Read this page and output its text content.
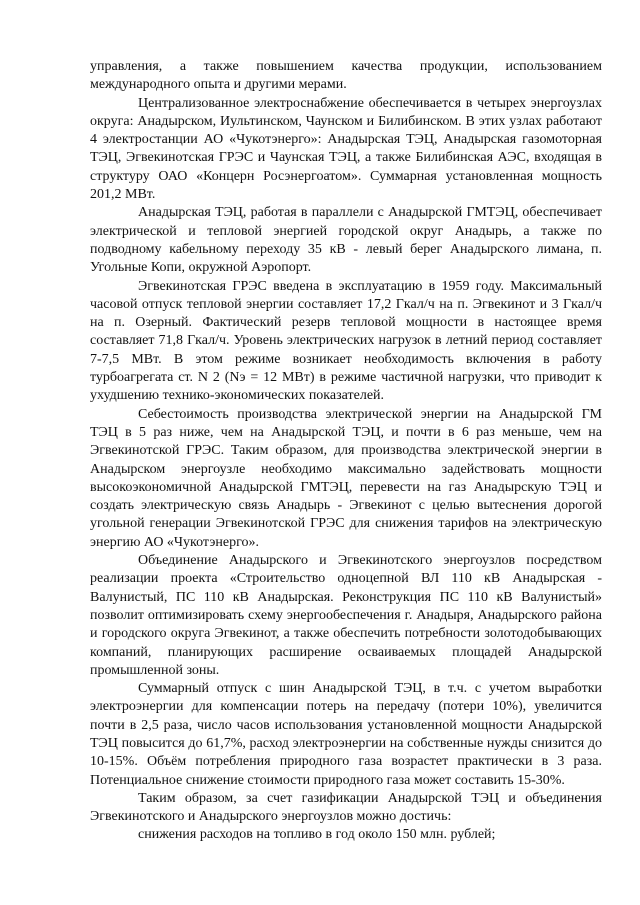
управления, а также повышением качества продукции, использованием международного опыта и другими мерами.

Централизованное электроснабжение обеспечивается в четырех энергоузлах округа: Анадырском, Иультинском, Чаунском и Билибинском. В этих узлах работают 4 электростанции АО «Чукотэнерго»: Анадырская ТЭЦ, Анадырская газомоторная ТЭЦ, Эгвекинотская ГРЭС и Чаунская ТЭЦ, а также Билибинская АЭС, входящая в структуру ОАО «Концерн Росэнергоатом». Суммарная установленная мощность 201,2 МВт.

Анадырская ТЭЦ, работая в параллели с Анадырской ГМТЭЦ, обеспечивает электрической и тепловой энергией городской округ Анадырь, а также по подводному кабельному переходу 35 кВ - левый берег Анадырского лимана, п. Угольные Копи, окружной Аэропорт.

Эгвекинотская ГРЭС введена в эксплуатацию в 1959 году. Максимальный часовой отпуск тепловой энергии составляет 17,2 Гкал/ч на п. Эгвекинот и 3 Гкал/ч на п. Озерный. Фактический резерв тепловой мощности в настоящее время составляет 71,8 Гкал/ч. Уровень электрических нагрузок в летний период составляет 7-7,5 МВт. В этом режиме возникает необходимость включения в работу турбоагрегата ст. N 2 (Nэ = 12 МВт) в режиме частичной нагрузки, что приводит к ухудшению технико-экономических показателей.

Себестоимость производства электрической энергии на Анадырской ГМ ТЭЦ в 5 раз ниже, чем на Анадырской ТЭЦ, и почти в 6 раз меньше, чем на Эгвекинотской ГРЭС. Таким образом, для производства электрической энергии в Анадырском энергоузле необходимо максимально задействовать мощности высокоэкономичной Анадырской ГМТЭЦ, перевести на газ Анадырскую ТЭЦ и создать электрическую связь Анадырь - Эгвекинот с целью вытеснения дорогой угольной генерации Эгвекинотской ГРЭС для снижения тарифов на электрическую энергию АО «Чукотэнерго».

Объединение Анадырского и Эгвекинотского энергоузлов посредством реализации проекта «Строительство одноцепной ВЛ 110 кВ Анадырская - Валунистый, ПС 110 кВ Анадырская. Реконструкция ПС 110 кВ Валунистый» позволит оптимизировать схему энергообеспечения г. Анадыря, Анадырского района и городского округа Эгвекинот, а также обеспечить потребности золотодобывающих компаний, планирующих расширение осваиваемых площадей Анадырской промышленной зоны.

Суммарный отпуск с шин Анадырской ТЭЦ, в т.ч. с учетом выработки электроэнергии для компенсации потерь на передачу (потери 10%), увеличится почти в 2,5 раза, число часов использования установленной мощности Анадырской ТЭЦ повысится до 61,7%, расход электроэнергии на собственные нужды снизится до 10-15%. Объём потребления природного газа возрастет практически в 3 раза. Потенциальное снижение стоимости природного газа может составить 15-30%.

Таким образом, за счет газификации Анадырской ТЭЦ и объединения Эгвекинотского и Анадырского энергоузлов можно достичь:

снижения расходов на топливо в год около 150 млн. рублей;
